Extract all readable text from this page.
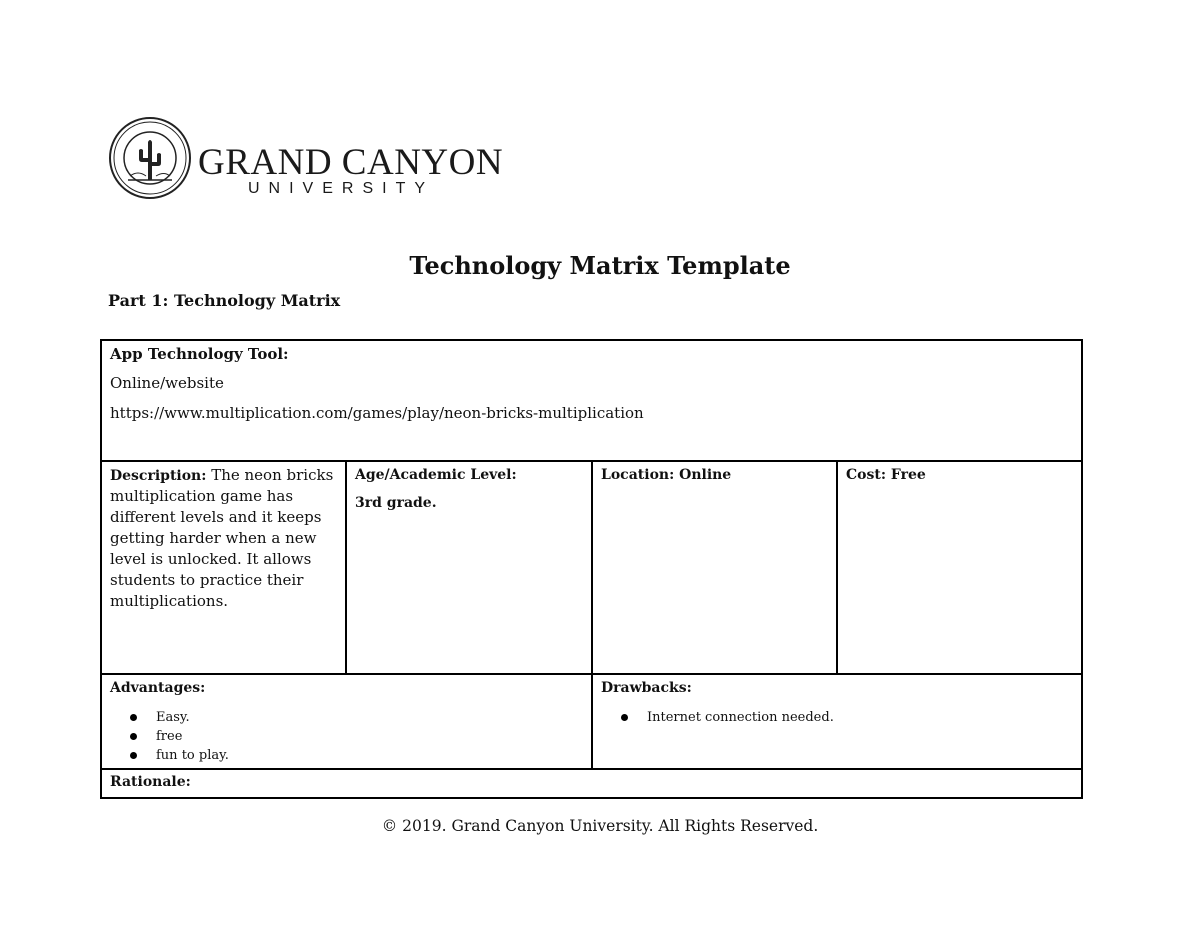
GRAND CANYON
UNIVERSITY
Technology Matrix Template
Part 1: Technology Matrix
App Technology Tool:
Online/website
https://www.multiplication.com/games/play/neon-bricks-multiplication
Description: The neon bricks multiplication game has different levels and it keeps getting harder when a new level is unlocked. It allows students to practice their multiplications.
Age/Academic Level:
3rd grade.
Location: Online	Cost: Free
Advantages:
Easy.
free
fun to play.
Drawbacks:
Internet connection needed.
Rationale:
© 2019. Grand Canyon University. All Rights Reserved.
